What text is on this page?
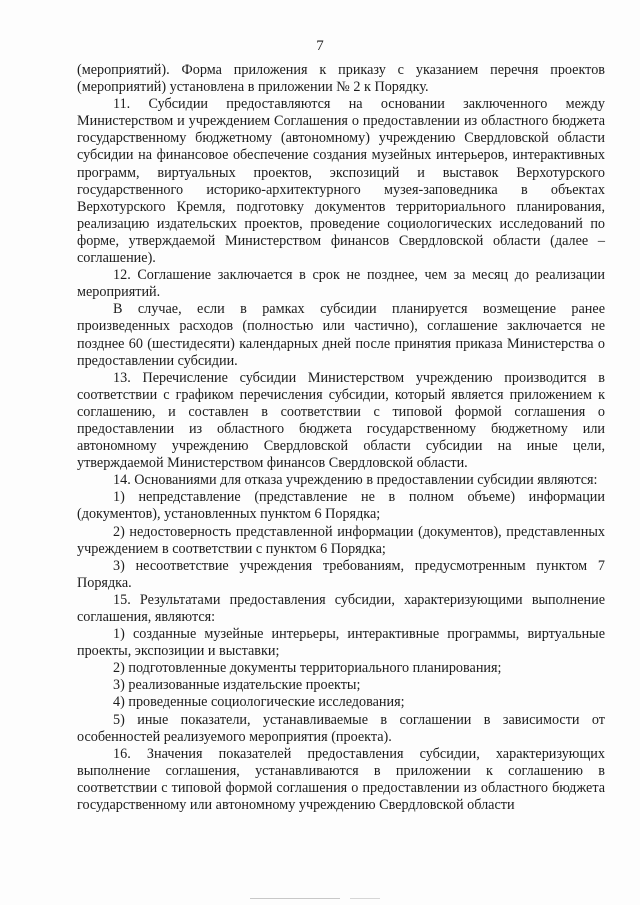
7

(мероприятий). Форма приложения к приказу с указанием перечня проектов (мероприятий) установлена в приложении № 2 к Порядку.

11. Субсидии предоставляются на основании заключенного между Министерством и учреждением Соглашения о предоставлении из областного бюджета государственному бюджетному (автономному) учреждению Свердловской области субсидии на финансовое обеспечение создания музейных интерьеров, интерактивных программ, виртуальных проектов, экспозиций и выставок Верхотурского государственного историко-архитектурного музея-заповедника в объектах Верхотурского Кремля, подготовку документов территориального планирования, реализацию издательских проектов, проведение социологических исследований по форме, утверждаемой Министерством финансов Свердловской области (далее – соглашение).

12. Соглашение заключается в срок не позднее, чем за месяц до реализации мероприятий.

В случае, если в рамках субсидии планируется возмещение ранее произведенных расходов (полностью или частично), соглашение заключается не позднее 60 (шестидесяти) календарных дней после принятия приказа Министерства о предоставлении субсидии.

13. Перечисление субсидии Министерством учреждению производится в соответствии с графиком перечисления субсидии, который является приложением к соглашению, и составлен в соответствии с типовой формой соглашения о предоставлении из областного бюджета государственному бюджетному или автономному учреждению Свердловской области субсидии на иные цели, утверждаемой Министерством финансов Свердловской области.

14. Основаниями для отказа учреждению в предоставлении субсидии являются:

1) непредставление (представление не в полном объеме) информации (документов), установленных пунктом 6 Порядка;

2) недостоверность представленной информации (документов), представленных учреждением в соответствии с пунктом 6 Порядка;

3) несоответствие учреждения требованиям, предусмотренным пунктом 7 Порядка.

15. Результатами предоставления субсидии, характеризующими выполнение соглашения, являются:

1) созданные музейные интерьеры, интерактивные программы, виртуальные проекты, экспозиции и выставки;

2) подготовленные документы территориального планирования;

3) реализованные издательские проекты;

4) проведенные социологические исследования;

5) иные показатели, устанавливаемые в соглашении в зависимости от особенностей реализуемого мероприятия (проекта).

16. Значения показателей предоставления субсидии, характеризующих выполнение соглашения, устанавливаются в приложении к соглашению в соответствии с типовой формой соглашения о предоставлении из областного бюджета государственному или автономному учреждению Свердловской области
